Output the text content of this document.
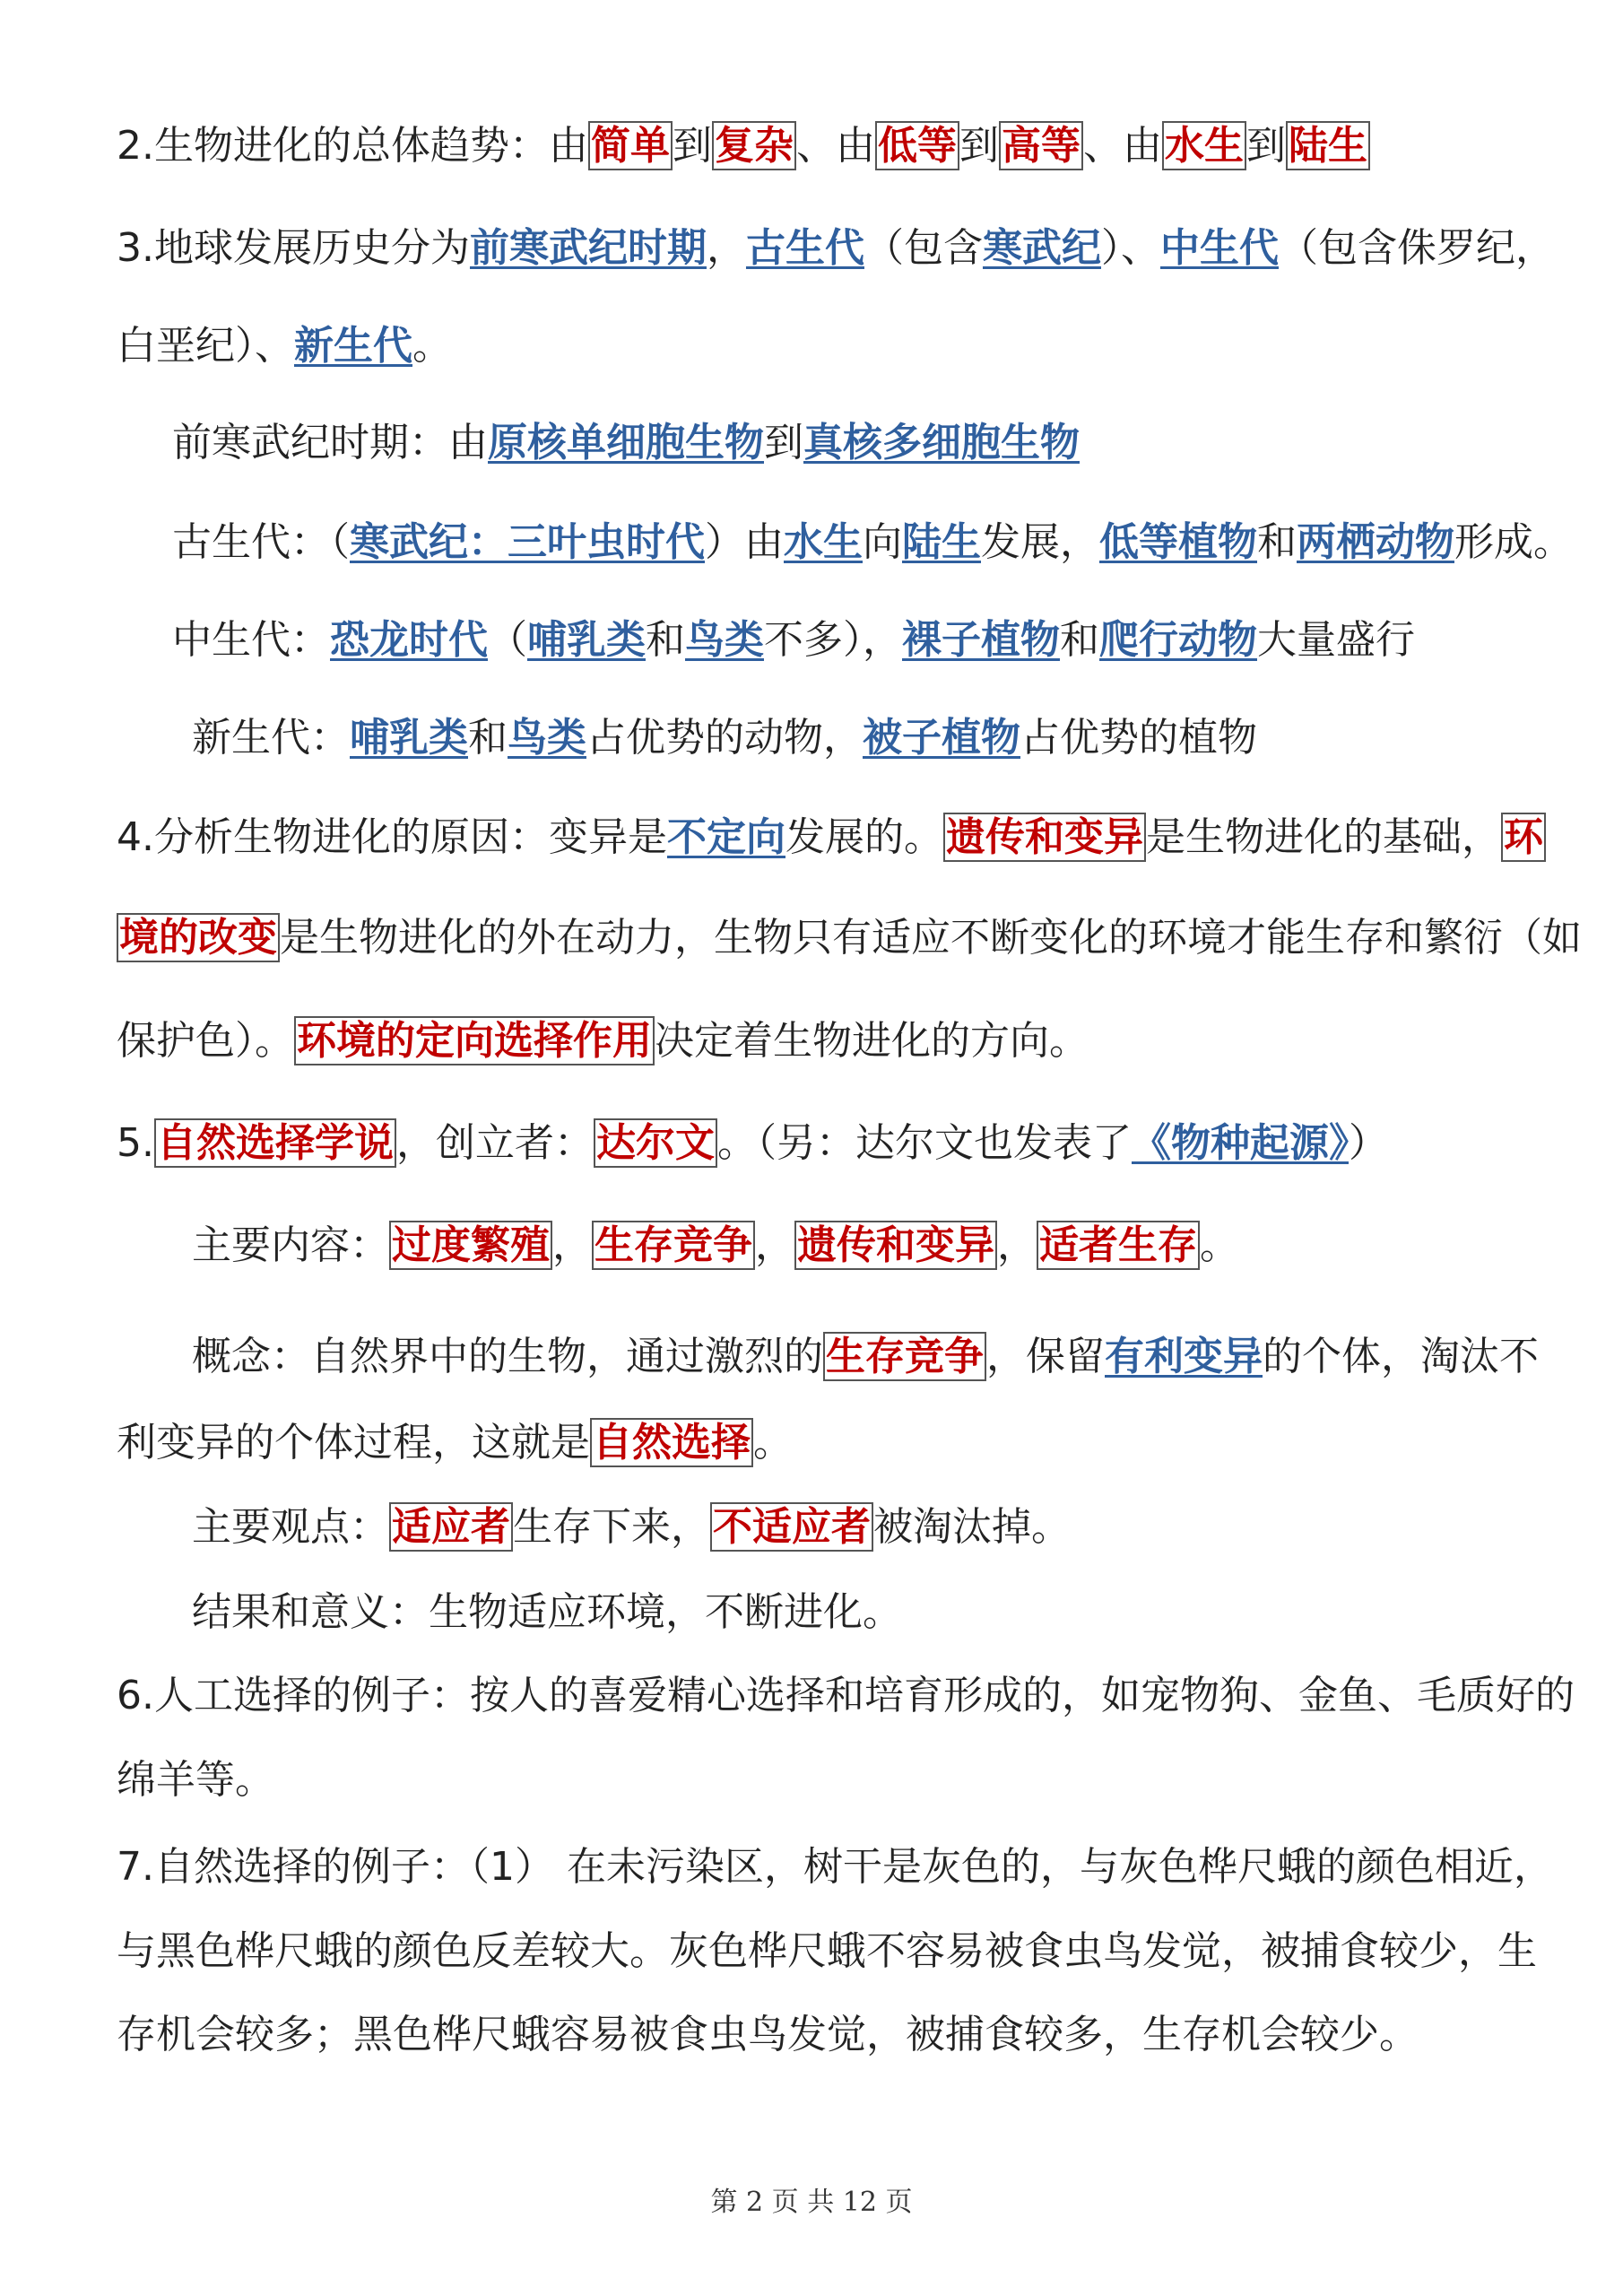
2.生物进化的总体趋势：由简单到复杂、由低等到高等、由水生到陆生
3.地球发展历史分为前寒武纪时期，古生代（包含寒武纪）、中生代（包含侏罗纪，
白垩纪）、新生代。
前寒武纪时期：由原核单细胞生物到真核多细胞生物
古生代：（寒武纪：三叶虫时代）由水生向陆生发展，低等植物和两栖动物形成。
中生代：恐龙时代（哺乳类和鸟类不多），裸子植物和爬行动物大量盛行
新生代：哺乳类和鸟类占优势的动物，被子植物占优势的植物
4.分析生物进化的原因：变异是不定向发展的。遗传和变异是生物进化的基础，环
境的改变是生物进化的外在动力，生物只有适应不断变化的环境才能生存和繁衍（如
保护色）。环境的定向选择作用决定着生物进化的方向。
5.自然选择学说，创立者：达尔文。（另：达尔文也发表了《物种起源》）
主要内容：过度繁殖，生存竞争，遗传和变异，适者生存。
概念：自然界中的生物，通过激烈的生存竞争，保留有利变异的个体，淘汰不
利变异的个体过程，这就是自然选择。
主要观点：适应者生存下来，不适应者被淘汰掉。
结果和意义：生物适应环境，不断进化。
6.人工选择的例子：按人的喜爱精心选择和培育形成的，如宠物狗、金鱼、毛质好的
绵羊等。
7.自然选择的例子：（1） 在未污染区，树干是灰色的，与灰色桦尺蛾的颜色相近，
与黑色桦尺蛾的颜色反差较大。灰色桦尺蛾不容易被食虫鸟发觉，被捕食较少，生
存机会较多；黑色桦尺蛾容易被食虫鸟发觉，被捕食较多，生存机会较少。
第 2 页 共 12 页
